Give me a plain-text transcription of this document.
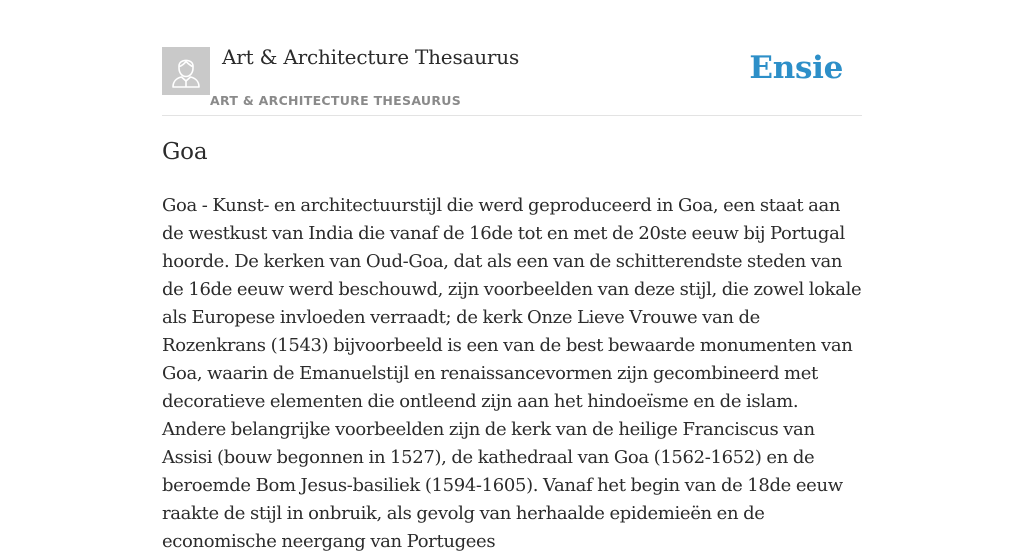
Art & Architecture Thesaurus
ART & ARCHITECTURE THESAURUS
Ensie
Goa

Goa - Kunst- en architectuurstijl die werd geproduceerd in Goa, een staat aan de westkust van India die vanaf de 16de tot en met de 20ste eeuw bij Portugal hoorde. De kerken van Oud-Goa, dat als een van de schitterendste steden van de 16de eeuw werd beschouwd, zijn voorbeelden van deze stijl, die zowel lokale als Europese invloeden verraadt; de kerk Onze Lieve Vrouwe van de Rozenkrans (1543) bijvoorbeeld is een van de best bewaarde monumenten van Goa, waarin de Emanuelstijl en renaissancevormen zijn gecombineerd met decoratieve elementen die ontleend zijn aan het hindoeïsme en de islam. Andere belangrijke voorbeelden zijn de kerk van de heilige Franciscus van Assisi (bouw begonnen in 1527), de kathedraal van Goa (1562-1652) en de beroemde Bom Jesus-basiliek (1594-1605). Vanaf het begin van de 18de eeuw raakte de stijl in onbruik, als gevolg van herhaalde epidemieën en de economische neergang van Portugees
